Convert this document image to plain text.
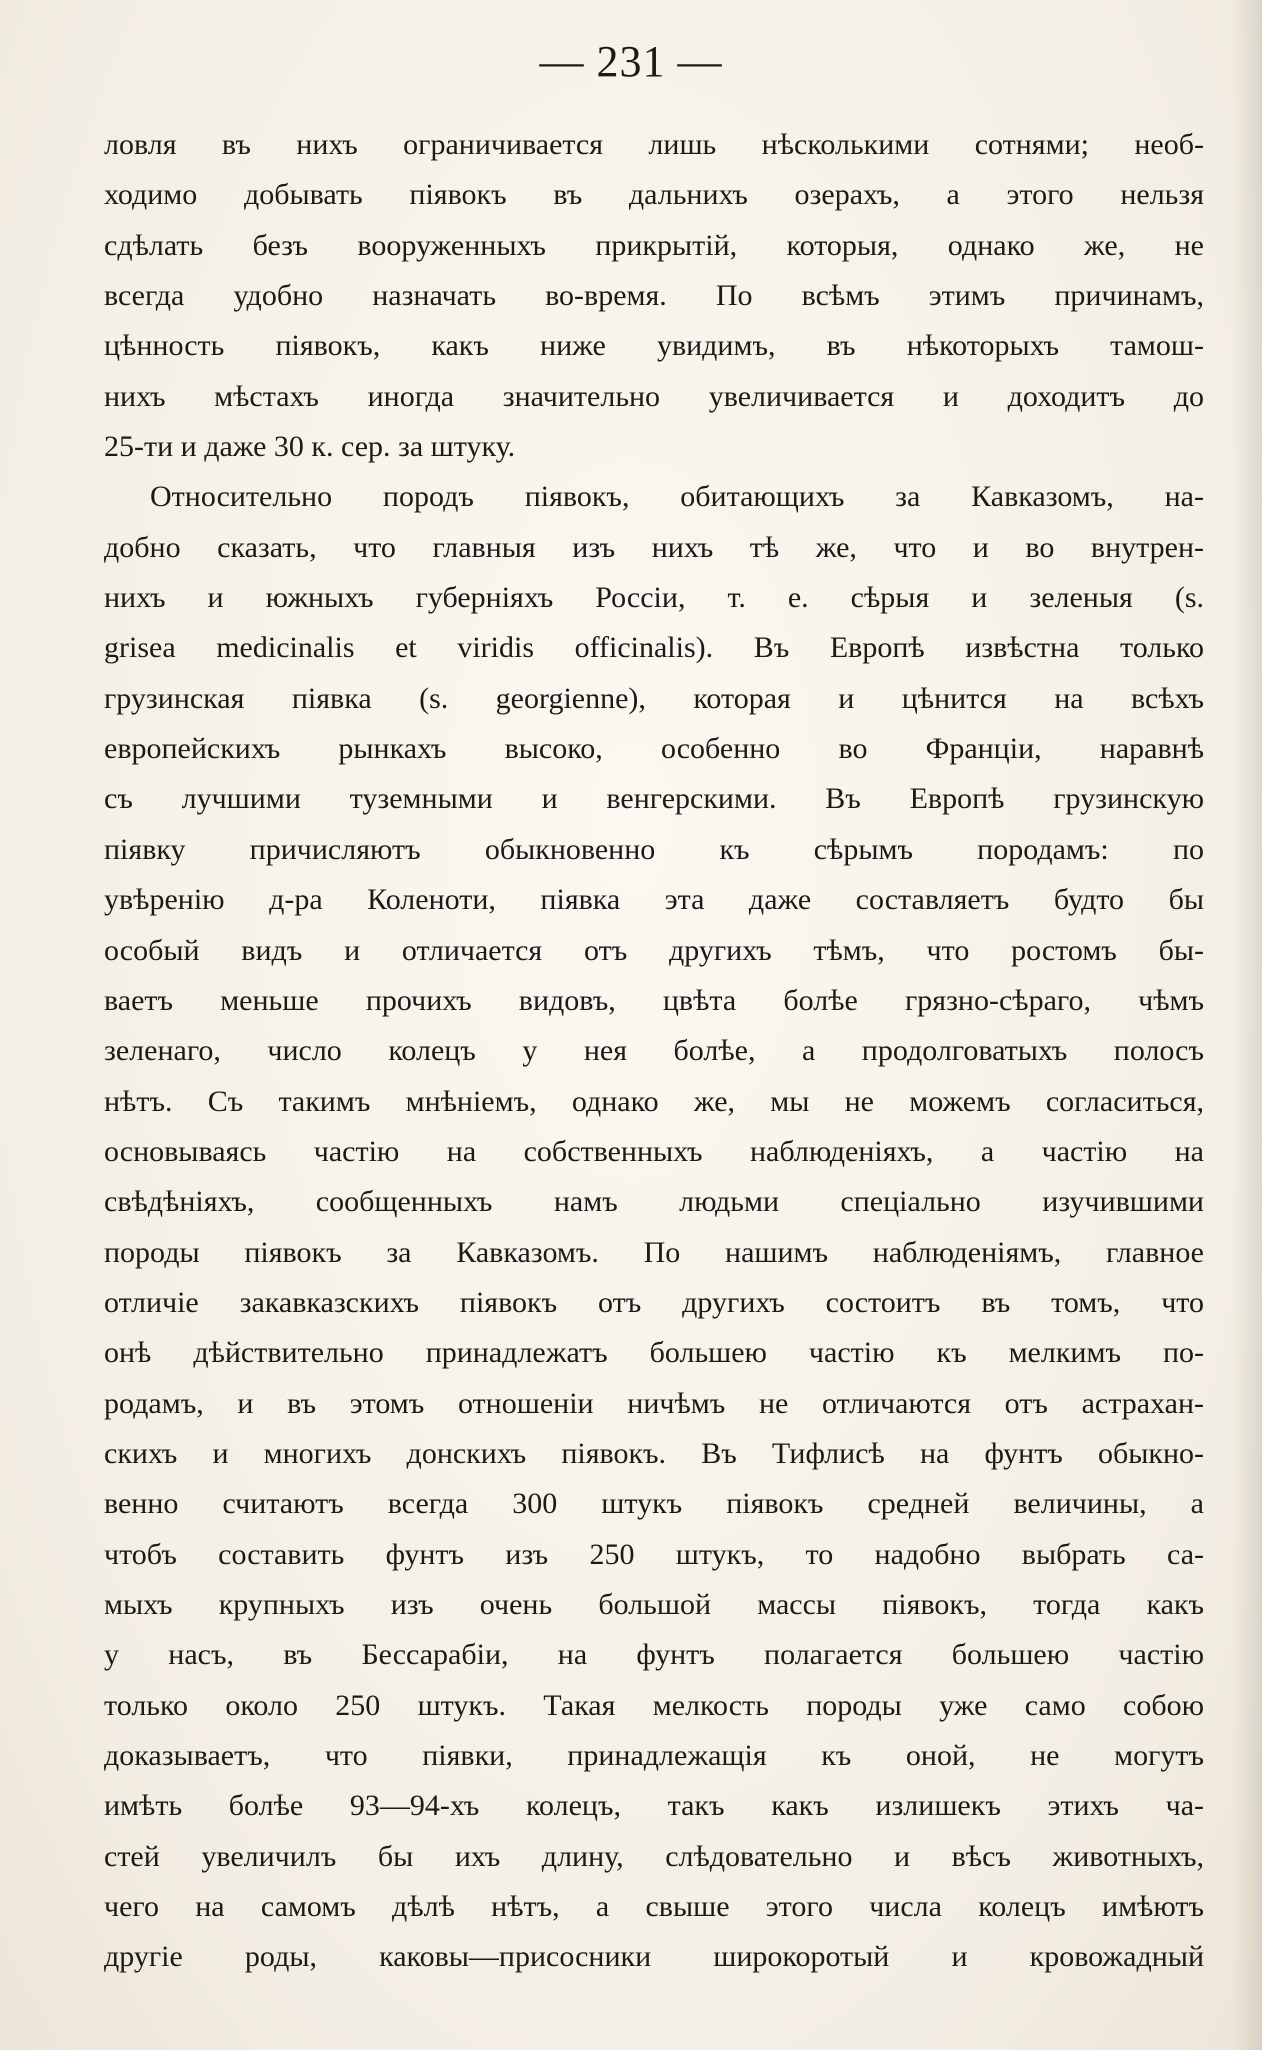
— 231 —
ловля въ нихъ ограничивается лишь нѣсколькими сотнями; необ-
ходимо добывать пiявокъ въ дальнихъ озерахъ, а этого нельзя
сдѣлать безъ вооруженныхъ прикрытiй, которыя, однако же, не
всегда удобно назначать во-время. По всѣмъ этимъ причинамъ,
цѣнность пiявокъ, какъ ниже увидимъ, въ нѣкоторыхъ тамош-
нихъ мѣстахъ иногда значительно увеличивается и доходитъ до
25-ти и даже 30 к. сер. за штуку.
Относительно породъ пiявокъ, обитающихъ за Кавказомъ, на-
добно сказать, что главныя изъ нихъ тѣ же, что и во внутрен-
нихъ и южныхъ губернiяхъ Россiи, т. е. сѣрыя и зеленыя (s.
grisea medicinalis et viridis officinalis). Въ Европѣ извѣстна только
грузинская пiявка (s. georgienne), которая и цѣнится на всѣхъ
европейскихъ рынкахъ высоко, особенно во Францiи, наравнѣ
съ лучшими туземными и венгерскими. Въ Европѣ грузинскую
пiявку причисляютъ обыкновенно къ сѣрымъ породамъ: по
увѣренiю д-ра Коленоти, пiявка эта даже составляетъ будто бы
особый видъ и отличается отъ другихъ тѣмъ, что ростомъ бы-
ваетъ меньше прочихъ видовъ, цвѣта болѣе грязно-сѣраго, чѣмъ
зеленаго, число колецъ у нея болѣе, а продолговатыхъ полосъ
нѣтъ. Съ такимъ мнѣнiемъ, однако же, мы не можемъ согласиться,
основываясь частiю на собственныхъ наблюденiяхъ, а частiю на
свѣдѣнiяхъ, сообщенныхъ намъ людьми спецiально изучившими
породы пiявокъ за Кавказомъ. По нашимъ наблюденiямъ, главное
отличiе закавказскихъ пiявокъ отъ другихъ состоитъ въ томъ, что
онѣ дѣйствительно принадлежатъ большею частiю къ мелкимъ по-
родамъ, и въ этомъ отношенiи ничѣмъ не отличаются отъ астрахан-
скихъ и многихъ донскихъ пiявокъ. Въ Тифлисѣ на фунтъ обыкно-
венно считаютъ всегда 300 штукъ пiявокъ средней величины, а
чтобъ составить фунтъ изъ 250 штукъ, то надобно выбрать са-
мыхъ крупныхъ изъ очень большой массы пiявокъ, тогда какъ
у насъ, въ Бессарабiи, на фунтъ полагается большею частiю
только около 250 штукъ. Такая мелкость породы уже само собою
доказываетъ, что пiявки, принадлежащiя къ оной, не могутъ
имѣть болѣе 93—94-хъ колецъ, такъ какъ излишекъ этихъ ча-
стей увеличилъ бы ихъ длину, слѣдовательно и вѣсъ животныхъ,
чего на самомъ дѣлѣ нѣтъ, а свыше этого числа колецъ имѣютъ
другiе роды, каковы—присосники широкоротый и кровожадный
